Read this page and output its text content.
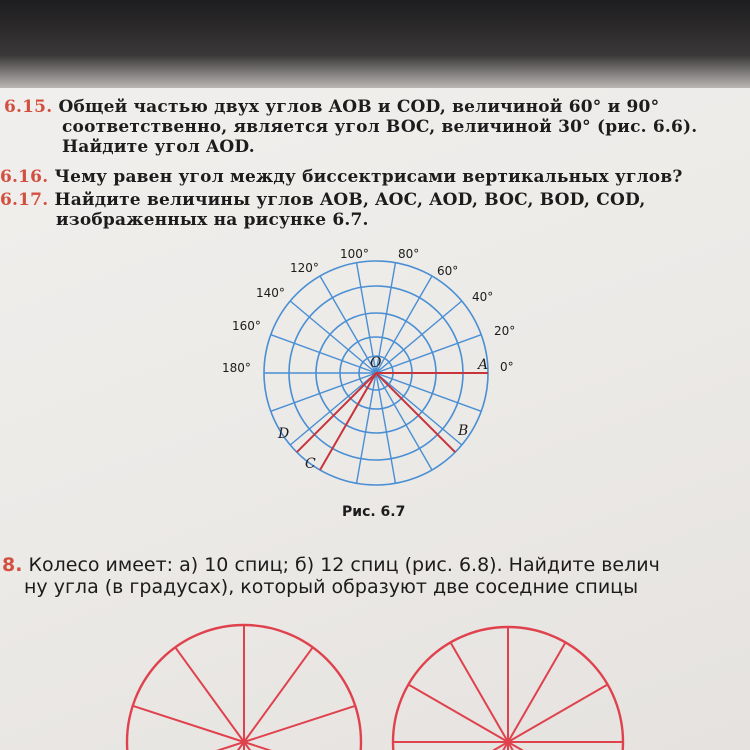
6.15. Общей частью двух углов AOB и COD, величиной 60° и 90°
соответственно, является угол BOC, величиной 30° (рис. 6.6).
Найдите угол AOD.
6.16. Чему равен угол между биссектрисами вертикальных углов?
6.17. Найдите величины углов AOB, AOC, AOD, BOC, BOD, COD,
изображенных на рисунке 6.7.
0°
20°
40°
60°
80°
100°
120°
140°
160°
180°	O	A
B
C
D
Рис. 6.7
8. Колесо имеет: а) 10 спиц; б) 12 спиц (рис. 6.8). Найдите велич
ну угла (в градусах), который образуют две соседние спицы
